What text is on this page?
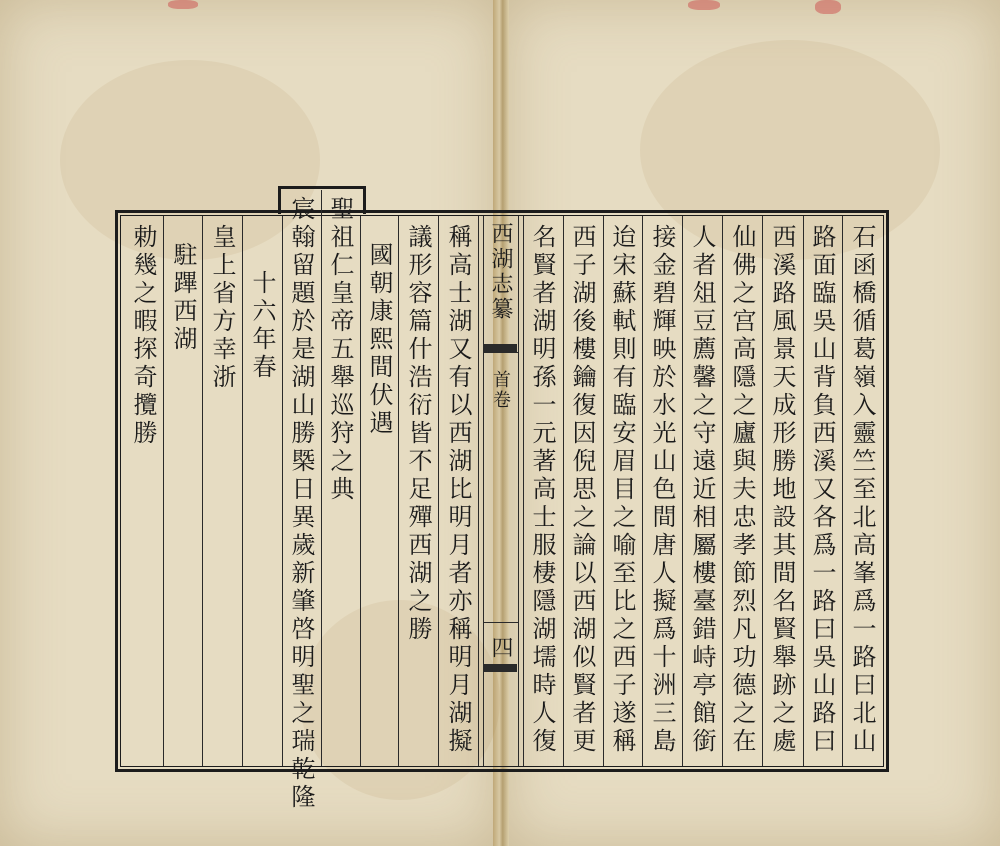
西湖志纂
首卷
四	石函橋循葛嶺入靈竺至北高峯爲一路曰北山
路面臨吳山背負西溪又各爲一路曰吳山路曰
西溪路風景天成形勝地設其間名賢舉跡之處
仙佛之宫高隱之廬與夫忠孝節烈凡功德之在
人者俎豆薦馨之守遠近相屬樓臺錯峙亭館銜
接金碧輝映於水光山色間唐人擬爲十洲三島
迨宋蘇軾則有臨安眉目之喻至比之西子遂稱
西子湖後樓鑰復因倪思之論以西湖似賢者更
名賢者湖明孫一元著高士服棲隱湖壖時人復
稱高士湖又有以西湖比明月者亦稱明月湖擬
議形容篇什浩衍皆不足殫西湖之勝
國朝康熙間伏遇
聖祖仁皇帝五舉巡狩之典
宸翰留題於是湖山勝槩日異歲新肇啓明聖之瑞乾隆
十六年春
皇上省方幸浙
駐蹕西湖
勅幾之暇探奇攬勝
